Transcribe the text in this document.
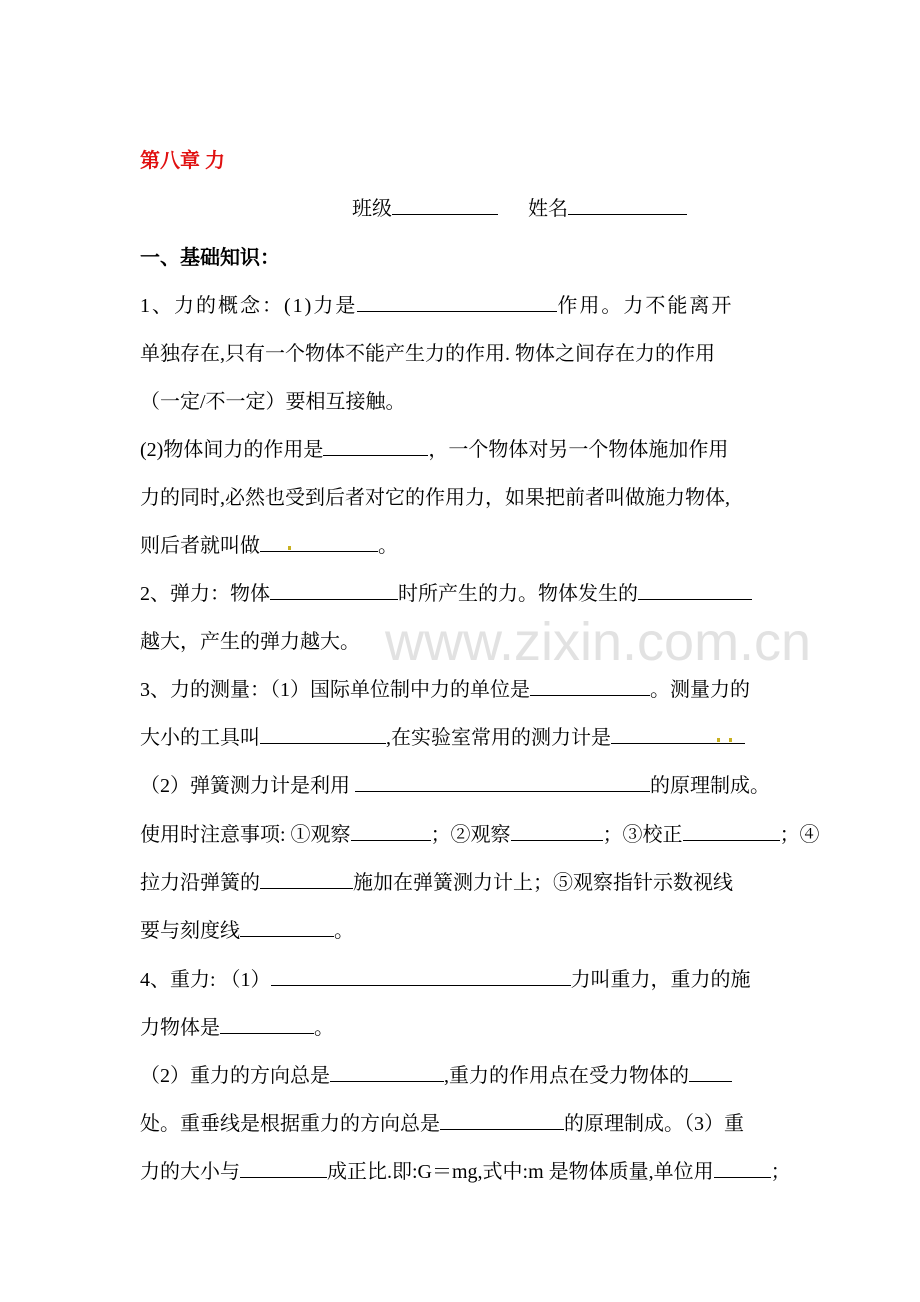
www.zixin.com.cn
第八章 力
班级	姓名
一、基础知识：
1、力的概念：(1)力是	作用。力不能离开
单独存在,只有一个物体不能产生力的作用. 物体之间存在力的作用
（一定/不一定）要相互接触。
(2)物体间力的作用是	，一个物体对另一个物体施加作用
力的同时,必然也受到后者对它的作用力，如果把前者叫做施力物体,
则后者就叫做	。
2、弹力：物体	时所产生的力。物体发生的
越大，产生的弹力越大。
3、力的测量：（1）国际单位制中力的单位是	。测量力的
大小的工具叫	,在实验室常用的测力计是
（2）弹簧测力计是利用	的原理制成。
使用时注意事项: ①观察	；②观察	；③校正	；④
拉力沿弹簧的	施加在弹簧测力计上；⑤观察指针示数视线
要与刻度线	。
4、重力: （1）	力叫重力，重力的施
力物体是	。
（2）重力的方向总是	,重力的作用点在受力物体的
处。重垂线是根据重力的方向总是	的原理制成。（3）重
力的大小与	成正比.即:G＝mg,式中:m 是物体质量,单位用	；
